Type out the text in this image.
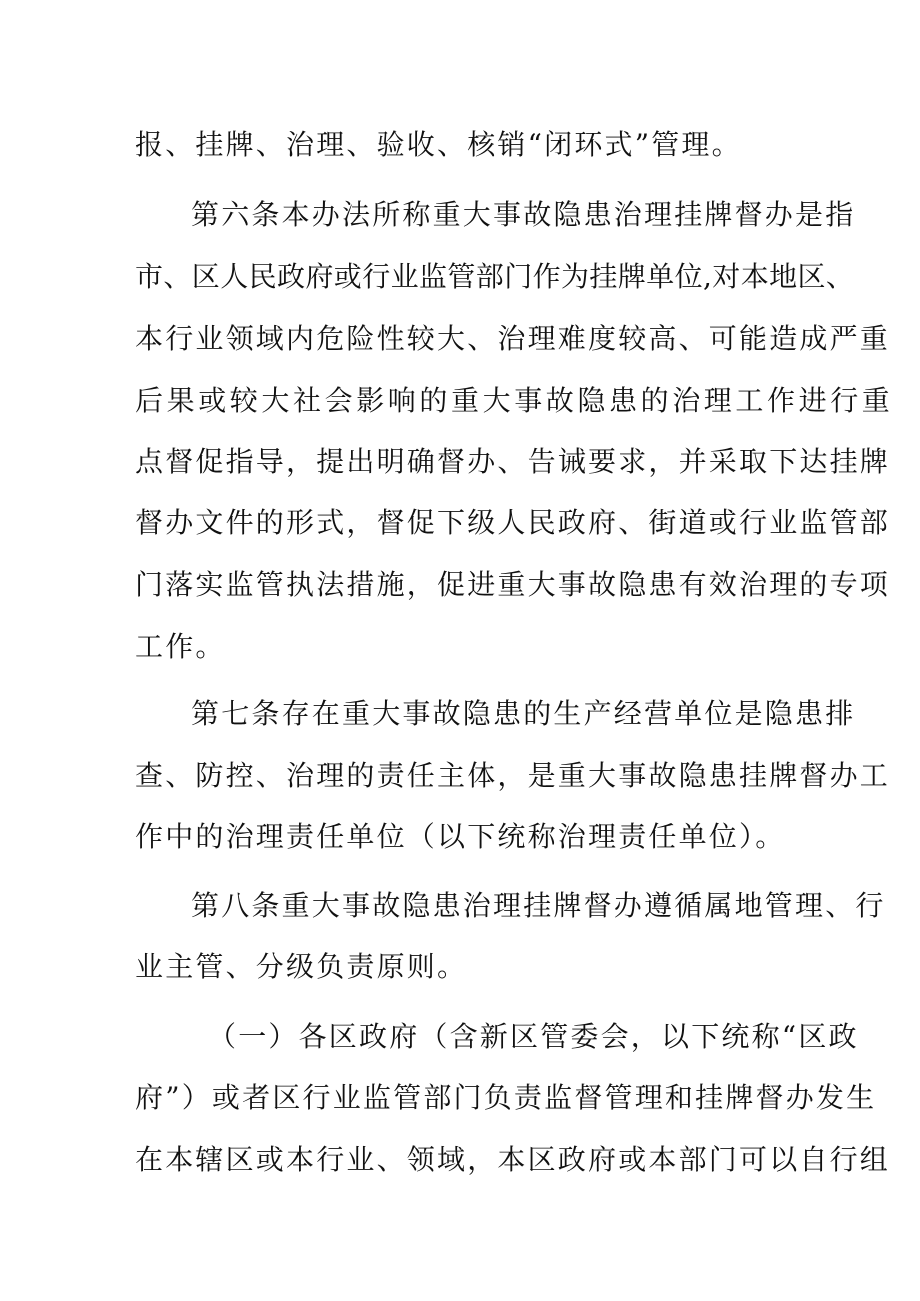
报、挂牌、治理、验收、核销“闭环式”管理。
第六条本办法所称重大事故隐患治理挂牌督办是指
市、区人民政府或行业监管部门作为挂牌单位,对本地区、
本行业领域内危险性较大、治理难度较高、可能造成严重
后果或较大社会影响的重大事故隐患的治理工作进行重
点督促指导，提出明确督办、告诫要求，并采取下达挂牌
督办文件的形式，督促下级人民政府、街道或行业监管部
门落实监管执法措施，促进重大事故隐患有效治理的专项
工作。
第七条存在重大事故隐患的生产经营单位是隐患排
查、防控、治理的责任主体，是重大事故隐患挂牌督办工
作中的治理责任单位（以下统称治理责任单位）。
第八条重大事故隐患治理挂牌督办遵循属地管理、行
业主管、分级负责原则。
（一）各区政府（含新区管委会，以下统称“区政
府”）或者区行业监管部门负责监督管理和挂牌督办发生
在本辖区或本行业、领域，本区政府或本部门可以自行组
